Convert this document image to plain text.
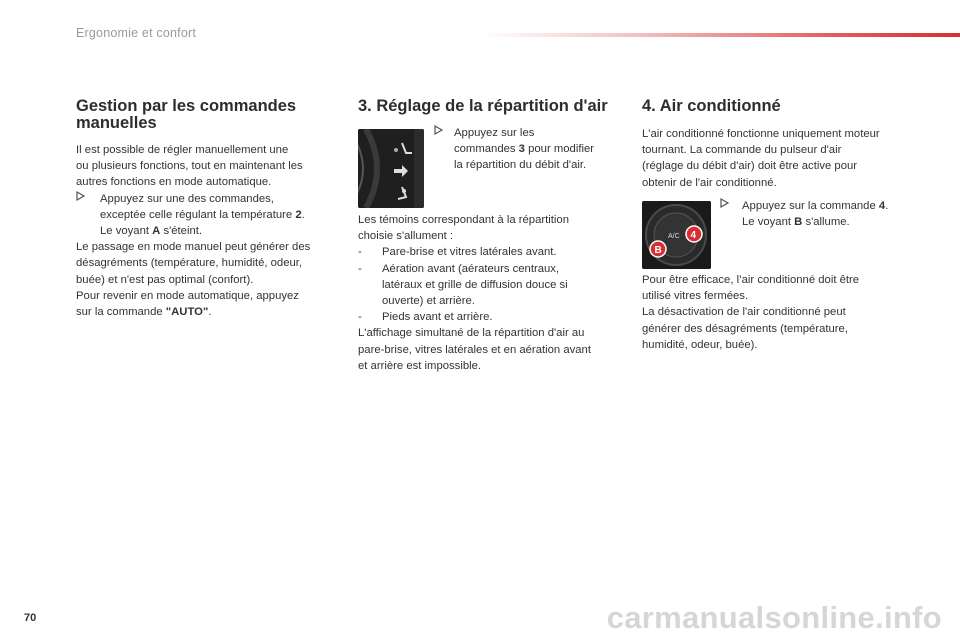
Ergonomie et confort
Gestion par les commandes
manuelles

Il est possible de régler manuellement une
ou plusieurs fonctions, tout en maintenant les
autres fonctions en mode automatique.

Appuyez sur une des commandes,
exceptée celle régulant la température 2.
Le voyant A s'éteint.

Le passage en mode manuel peut générer des
désagréments (température, humidité, odeur,
buée) et n'est pas optimal (confort).
Pour revenir en mode automatique, appuyez
sur la commande "AUTO".

3. Réglage de la répartition d'air
Appuyez sur les
commandes 3 pour modifier
la répartition du débit d'air.

Les témoins correspondant à la répartition
choisie s'allument :

- Pare-brise et vitres latérales avant.
- Aération avant (aérateurs centraux,
latéraux et grille de diffusion douce si
ouverte) et arrière.
- Pieds avant et arrière.

L'affichage simultané de la répartition d'air au
pare-brise, vitres latérales et en aération avant
et arrière est impossible.

4. Air conditionné

L'air conditionné fonctionne uniquement moteur
tournant. La commande du pulseur d'air
(réglage du débit d'air) doit être active pour
obtenir de l'air conditionné.

A/C
B
4
Appuyez sur la commande 4.
Le voyant B s'allume.

Pour être efficace, l’air conditionné doit être
utilisé vitres fermées.
La désactivation de l'air conditionné peut
générer des désagréments (température,
humidité, odeur, buée).

70	carmanualsonline.info
